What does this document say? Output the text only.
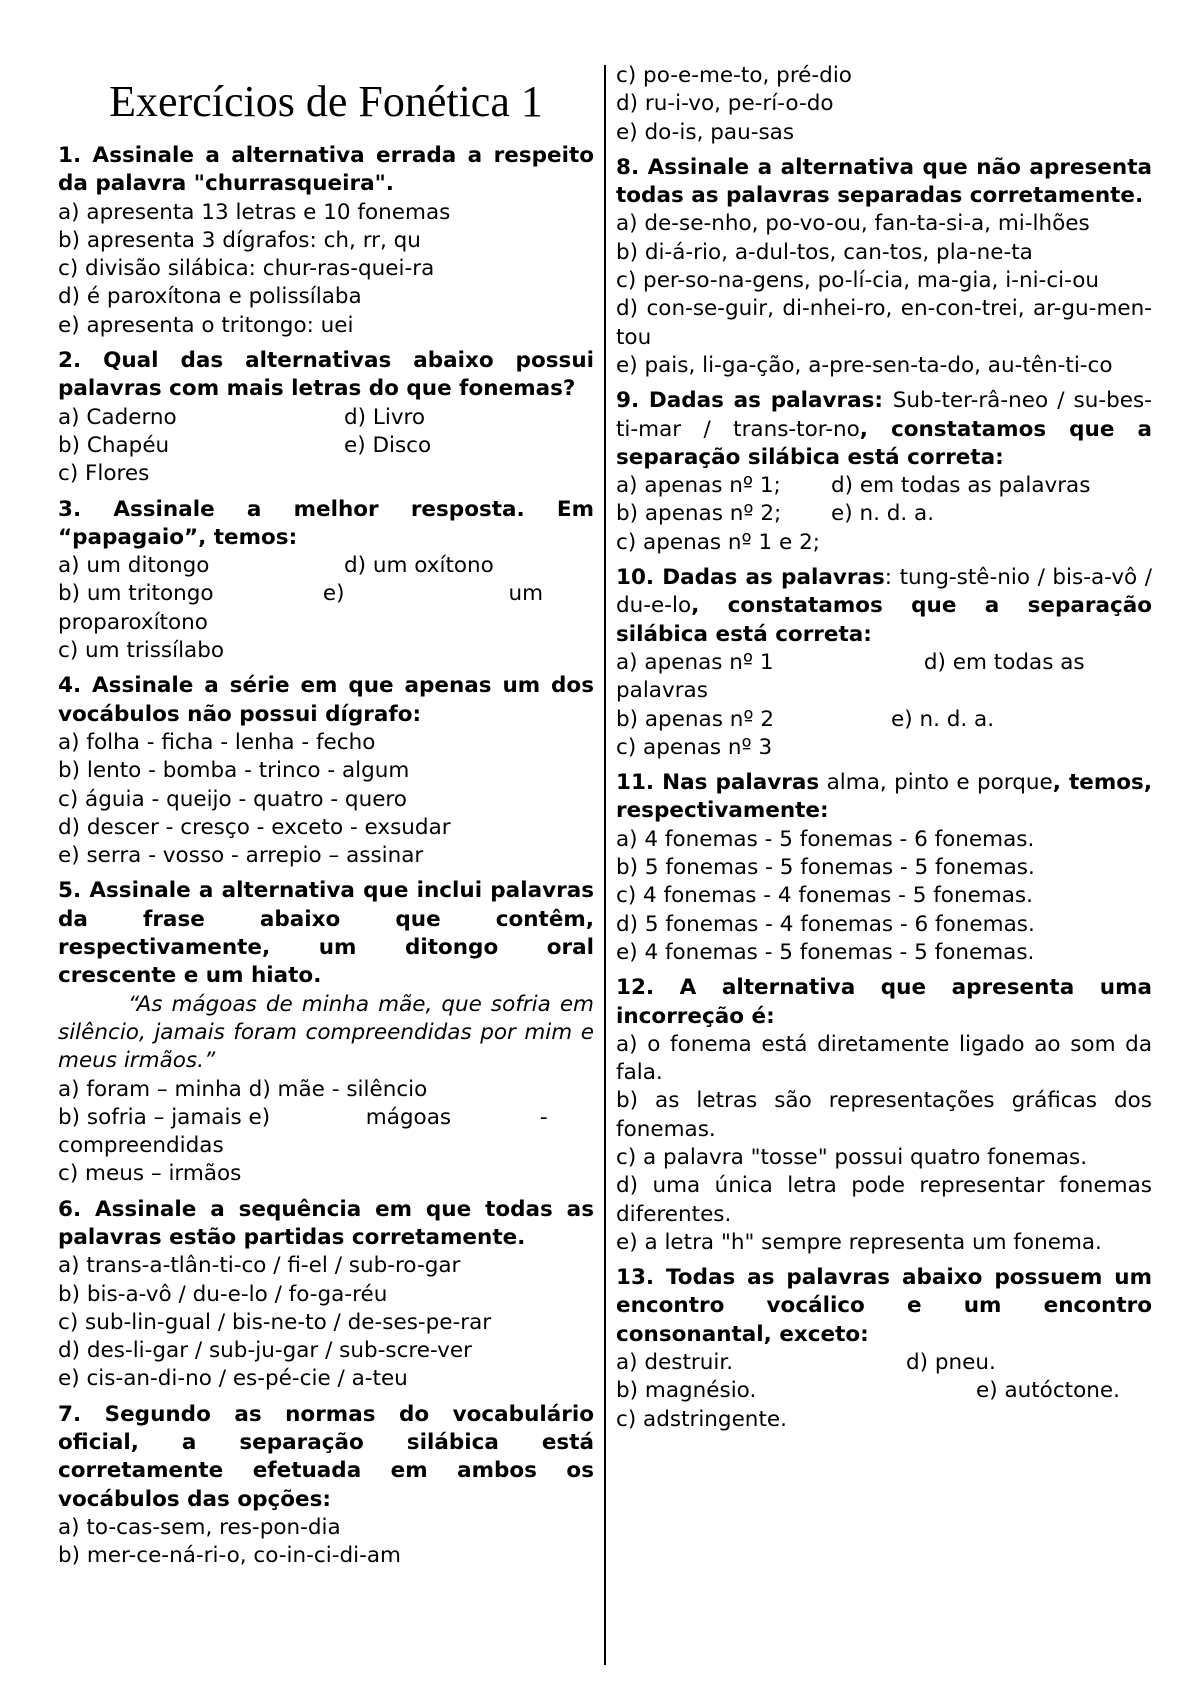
Exercícios de Fonética 1

1. Assinale a alternativa errada a respeito da palavra "churrasqueira".

a) apresenta 13 letras e 10 fonemas

b) apresenta 3 dígrafos: ch, rr, qu

c) divisão silábica: chur-ras-quei-ra

d) é paroxítona e polissílaba

e) apresenta o tritongo: uei

2. Qual das alternativas abaixo possui palavras com mais letras do que fonemas?

a) Caderno	d) Livro
b) Chapéu	e) Disco

c) Flores

3. Assinale a melhor resposta. Em “papagaio”, temos:

a) um ditongo	d) um oxítono

b) um tritongo                e)                        um proparoxítono

c) um trissílabo

4. Assinale a série em que apenas um dos vocábulos não possui dígrafo:

a) folha - ficha - lenha - fecho

b) lento - bomba - trinco - algum

c) águia - queijo - quatro - quero

d) descer - cresço - exceto - exsudar

e) serra - vosso - arrepio – assinar

5. Assinale a alternativa que inclui palavras da frase abaixo que contêm, respectivamente, um ditongo oral crescente e um hiato.

“As mágoas de minha mãe, que sofria em silêncio, jamais foram compreendidas por mim e meus irmãos.”

a) foram – minha d) mãe - silêncio

b) sofria – jamais e)              mágoas             - compreendidas

c) meus – irmãos

6. Assinale a sequência em que todas as palavras estão partidas corretamente.

a) trans-a-tlân-ti-co / fi-el / sub-ro-gar

b) bis-a-vô / du-e-lo / fo-ga-réu

c) sub-lin-gual / bis-ne-to / de-ses-pe-rar

d) des-li-gar / sub-ju-gar / sub-scre-ver

e) cis-an-di-no / es-pé-cie / a-teu

7. Segundo as normas do vocabulário oficial, a separação silábica está corretamente efetuada em ambos os vocábulos das opções:

a) to-cas-sem, res-pon-dia

b) mer-ce-ná-ri-o, co-in-ci-di-am

c) po-e-me-to, pré-dio

d) ru-i-vo, pe-rí-o-do

e) do-is, pau-sas

8. Assinale a alternativa que não apresenta todas as palavras separadas corretamente.

a) de-se-nho, po-vo-ou, fan-ta-si-a, mi-lhões

b) di-á-rio, a-dul-tos, can-tos, pla-ne-ta

c) per-so-na-gens, po-lí-cia, ma-gia, i-ni-ci-ou

d) con-se-guir, di-nhei-ro, en-con-trei, ar-gu-men-tou

e) pais, li-ga-ção, a-pre-sen-ta-do, au-tên-ti-co

9. Dadas as palavras: Sub-ter-râ-neo / su-bes-ti-mar / trans-tor-no, constatamos que a separação silábica está correta:

a) apenas nº 1;	d) em todas as palavras
b) apenas nº 2;	e) n. d. a.

c) apenas nº 1 e 2;

10. Dadas as palavras: tung-stê-nio / bis-a-vô / du-e-lo, constatamos que a separação silábica está correta:

a) apenas nº 1                      d) em todas as palavras

b) apenas nº 2	e) n. d. a.

c) apenas nº 3

11. Nas palavras alma, pinto e porque, temos, respectivamente:

a) 4 fonemas - 5 fonemas - 6 fonemas.

b) 5 fonemas - 5 fonemas - 5 fonemas.

c) 4 fonemas - 4 fonemas - 5 fonemas.

d) 5 fonemas - 4 fonemas - 6 fonemas.

e) 4 fonemas - 5 fonemas - 5 fonemas.

12. A alternativa que apresenta uma incorreção é:

a) o fonema está diretamente ligado ao som da fala.

b) as letras são representações gráficas dos fonemas.

c) a palavra "tosse" possui quatro fonemas.

d) uma única letra pode representar fonemas diferentes.

e) a letra "h" sempre representa um fonema.

13. Todas as palavras abaixo possuem um encontro vocálico e um encontro consonantal, exceto:

a) destruir.	d) pneu.
b) magnésio.	e) autóctone.

c) adstringente.
